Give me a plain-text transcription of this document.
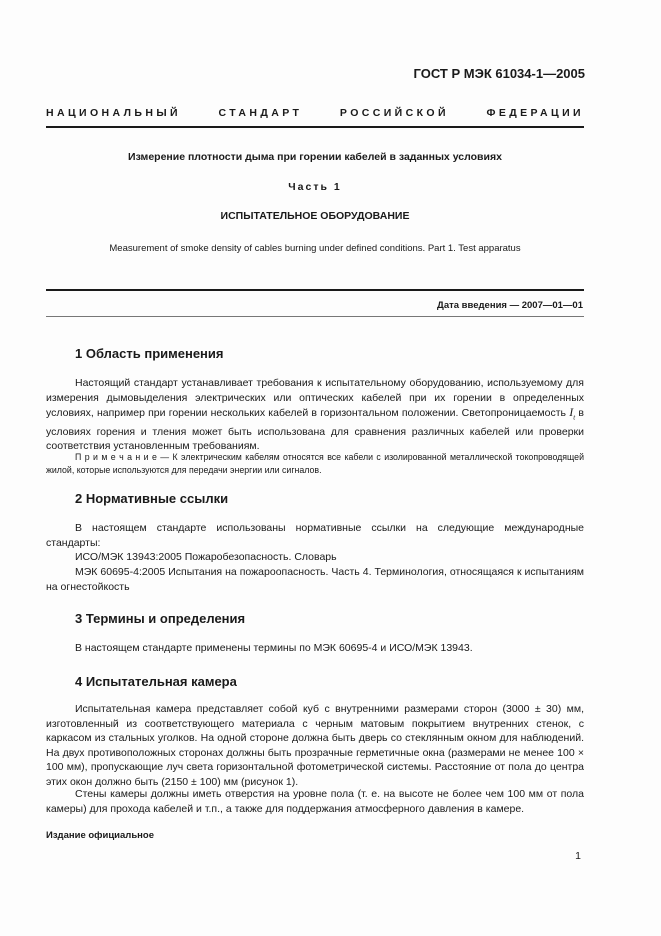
ГОСТ Р МЭК 61034-1—2005
НАЦИОНАЛЬНЫЙ СТАНДАРТ РОССИЙСКОЙ ФЕДЕРАЦИИ
Измерение плотности дыма при горении кабелей в заданных условиях
Часть 1
ИСПЫТАТЕЛЬНОЕ ОБОРУДОВАНИЕ
Measurement of smoke density of cables burning under defined conditions. Part 1. Test apparatus
Дата введения — 2007—01—01
1 Область применения
Настоящий стандарт устанавливает требования к испытательному оборудованию, используемому для измерения дымовыделения электрических или оптических кабелей при их горении в определенных условиях, например при горении нескольких кабелей в горизонтальном положении. Светопроницаемость $I_t$ в условиях горения и тления может быть использована для сравнения различных кабелей или проверки соответствия установленным требованиям.
П р и м е ч а н и е — К электрическим кабелям относятся все кабели с изолированной металлической токопроводящей жилой, которые используются для передачи энергии или сигналов.
2 Нормативные ссылки
В настоящем стандарте использованы нормативные ссылки на следующие международные стандарты:
ИСО/МЭК 13943:2005 Пожаробезопасность. Словарь
МЭК 60695-4:2005 Испытания на пожароопасность. Часть 4. Терминология, относящаяся к испытаниям на огнестойкость
3 Термины и определения
В настоящем стандарте применены термины по МЭК 60695-4 и ИСО/МЭК 13943.
4 Испытательная камера
Испытательная камера представляет собой куб с внутренними размерами сторон (3000 ± 30) мм, изготовленный из соответствующего материала с черным матовым покрытием внутренних стенок, с каркасом из стальных уголков. На одной стороне должна быть дверь со стеклянным окном для наблюдений. На двух противоположных сторонах должны быть прозрачные герметичные окна (размерами не менее 100 × 100 мм), пропускающие луч света горизонтальной фотометрической системы. Расстояние от пола до центра этих окон должно быть (2150 ± 100) мм (рисунок 1).
Стены камеры должны иметь отверстия на уровне пола (т. е. на высоте не более чем 100 мм от пола камеры) для прохода кабелей и т.п., а также для поддержания атмосферного давления в камере.
Издание официальное
1
